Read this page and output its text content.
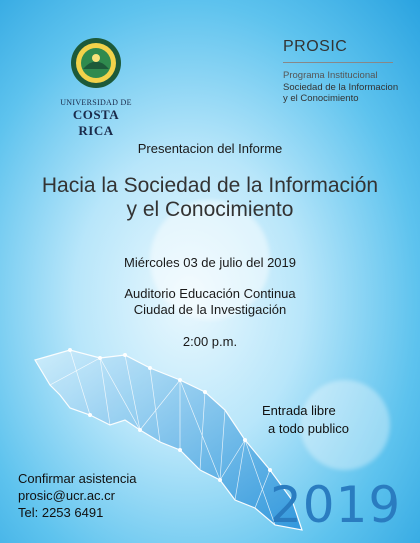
UNIVERSIDAD DE
COSTA RICA
PROSIC
Programa Institucional
Sociedad de la Informacion
y el Conocimiento
Presentacion del Informe
Hacia la Sociedad de la Información
y el Conocimiento
Miércoles 03 de julio del 2019
Auditorio Educación Continua
Ciudad de la Investigación
2:00 p.m.
Entrada libre
a todo publico
Confirmar asistencia
prosic@ucr.ac.cr
Tel: 2253 6491	2019
